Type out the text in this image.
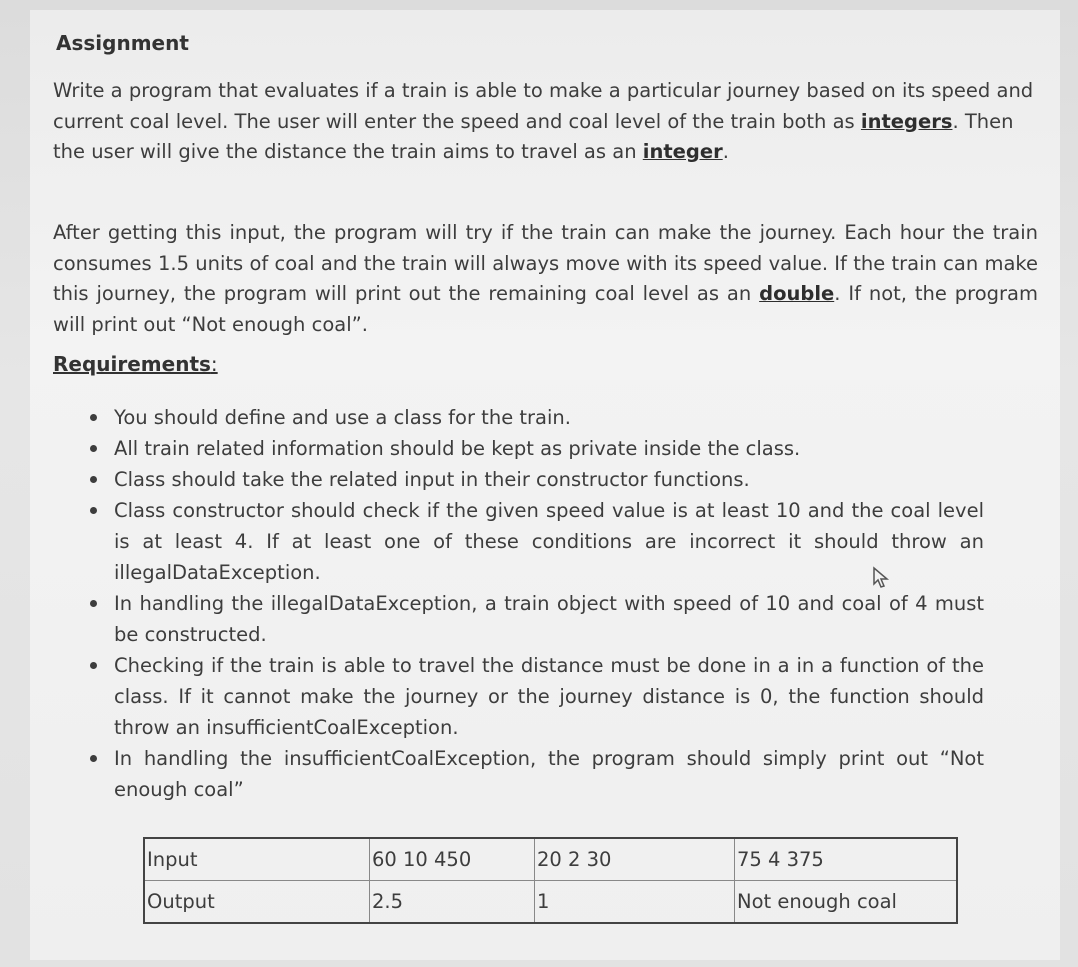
Assignment

Write a program that evaluates if a train is able to make a particular journey based on its speed and current coal level. The user will enter the speed and coal level of the train both as integers. Then the user will give the distance the train aims to travel as an integer.

After getting this input, the program will try if the train can make the journey. Each hour the train consumes 1.5 units of coal and the train will always move with its speed value. If the train can make this journey, the program will print out the remaining coal level as an double. If not, the program will print out “Not enough coal”.

Requirements:
You should define and use a class for the train.
All train related information should be kept as private inside the class.
Class should take the related input in their constructor functions.
Class constructor should check if the given speed value is at least 10 and the coal level is at least 4. If at least one of these conditions are incorrect it should throw an illegalDataException.
In handling the illegalDataException, a train object with speed of 10 and coal of 4 must be constructed.
Checking if the train is able to travel the distance must be done in a in a function of the class. If it cannot make the journey or the journey distance is 0, the function should throw an insufficientCoalException.
In handling the insufficientCoalException, the program should simply print out “Not enough coal”
Input	60 10 450	20 2 30	75 4 375
Output	2.5	1	Not enough coal
